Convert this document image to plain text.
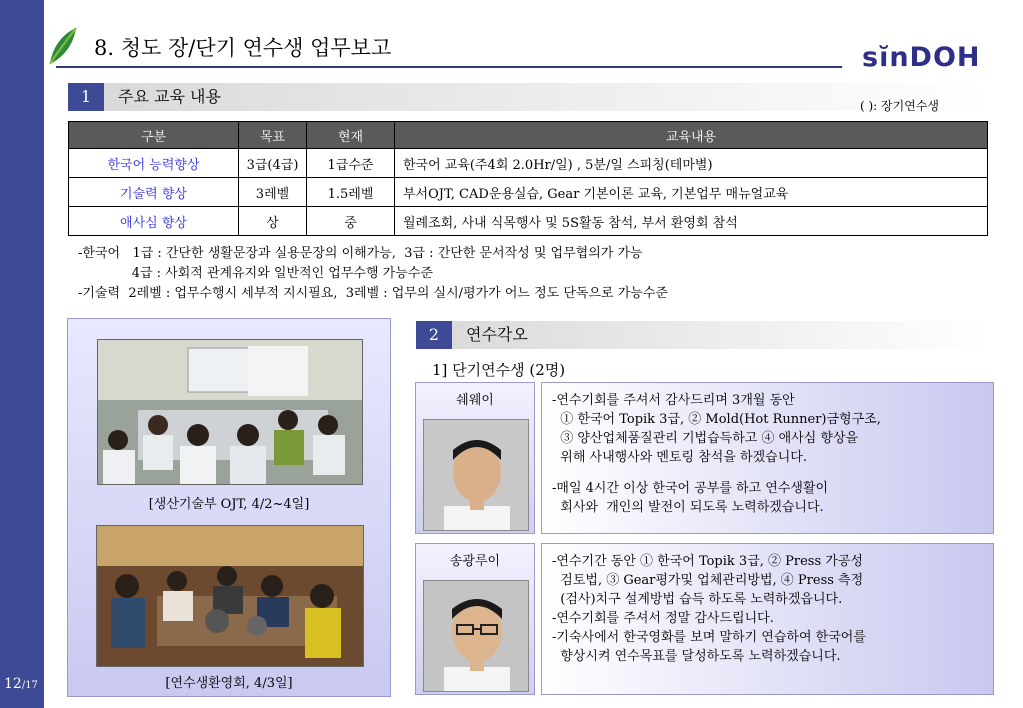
12/17
8. 청도 장/단기 연수생 업무보고	sĭnDOH
1	주요 교육 내용	( ): 장기연수생
구분	목표	현재	교육내용
한국어 능력향상	3급(4급)	1급수준	한국어 교육(주4회 2.0Hr/일) , 5분/일 스피칭(테마별)
기술력 향상	3레벨	1.5레벨	부서OJT, CAD운용실습, Gear 기본이론 교육, 기본업무 매뉴얼교육
애사심 향상	상	중	월례조회, 사내 식목행사 및 5S활동 참석, 부서 환영회 참석
-한국어   1급 : 간단한 생활문장과 실용문장의 이해가능,  3급 : 간단한 문서작성 및 업무협의가 가능
4급 : 사회적 관계유지와 일반적인 업무수행 가능수준
-기술력  2레벨 : 업무수행시 세부적 지시필요,  3레벨 : 업무의 실시/평가가 어느 정도 단독으로 가능수준
[생산기술부 OJT, 4/2~4일]
[연수생환영회, 4/3일]
2	연수각오
1] 단기연수생 (2명)
쉐웨이	-연수기회를 주셔서 감사드리며 3개월 동안

① 한국어 Topik 3급, ② Mold(Hot Runner)금형구조,

③ 양산업체품질관리 기법습득하고 ④ 애사심 향상을

위해 사내행사와 멘토링 참석을 하겠습니다.

-매일 4시간 이상 한국어 공부를 하고 연수생활이

회사와  개인의 발전이 되도록 노력하겠습니다.

송광루이	-연수기간 동안 ① 한국어 Topik 3급, ② Press 가공성

검토법, ③ Gear평가및 업체관리방법, ④ Press 측정

(검사)치구 설계방법 습득 하도록 노력하겠읍니다.

-연수기회를 주셔서 정말 감사드립니다.

-기숙사에서 한국영화를 보며 말하기 연습하여 한국어를

향상시켜 연수목표를 달성하도록 노력하겠습니다.
